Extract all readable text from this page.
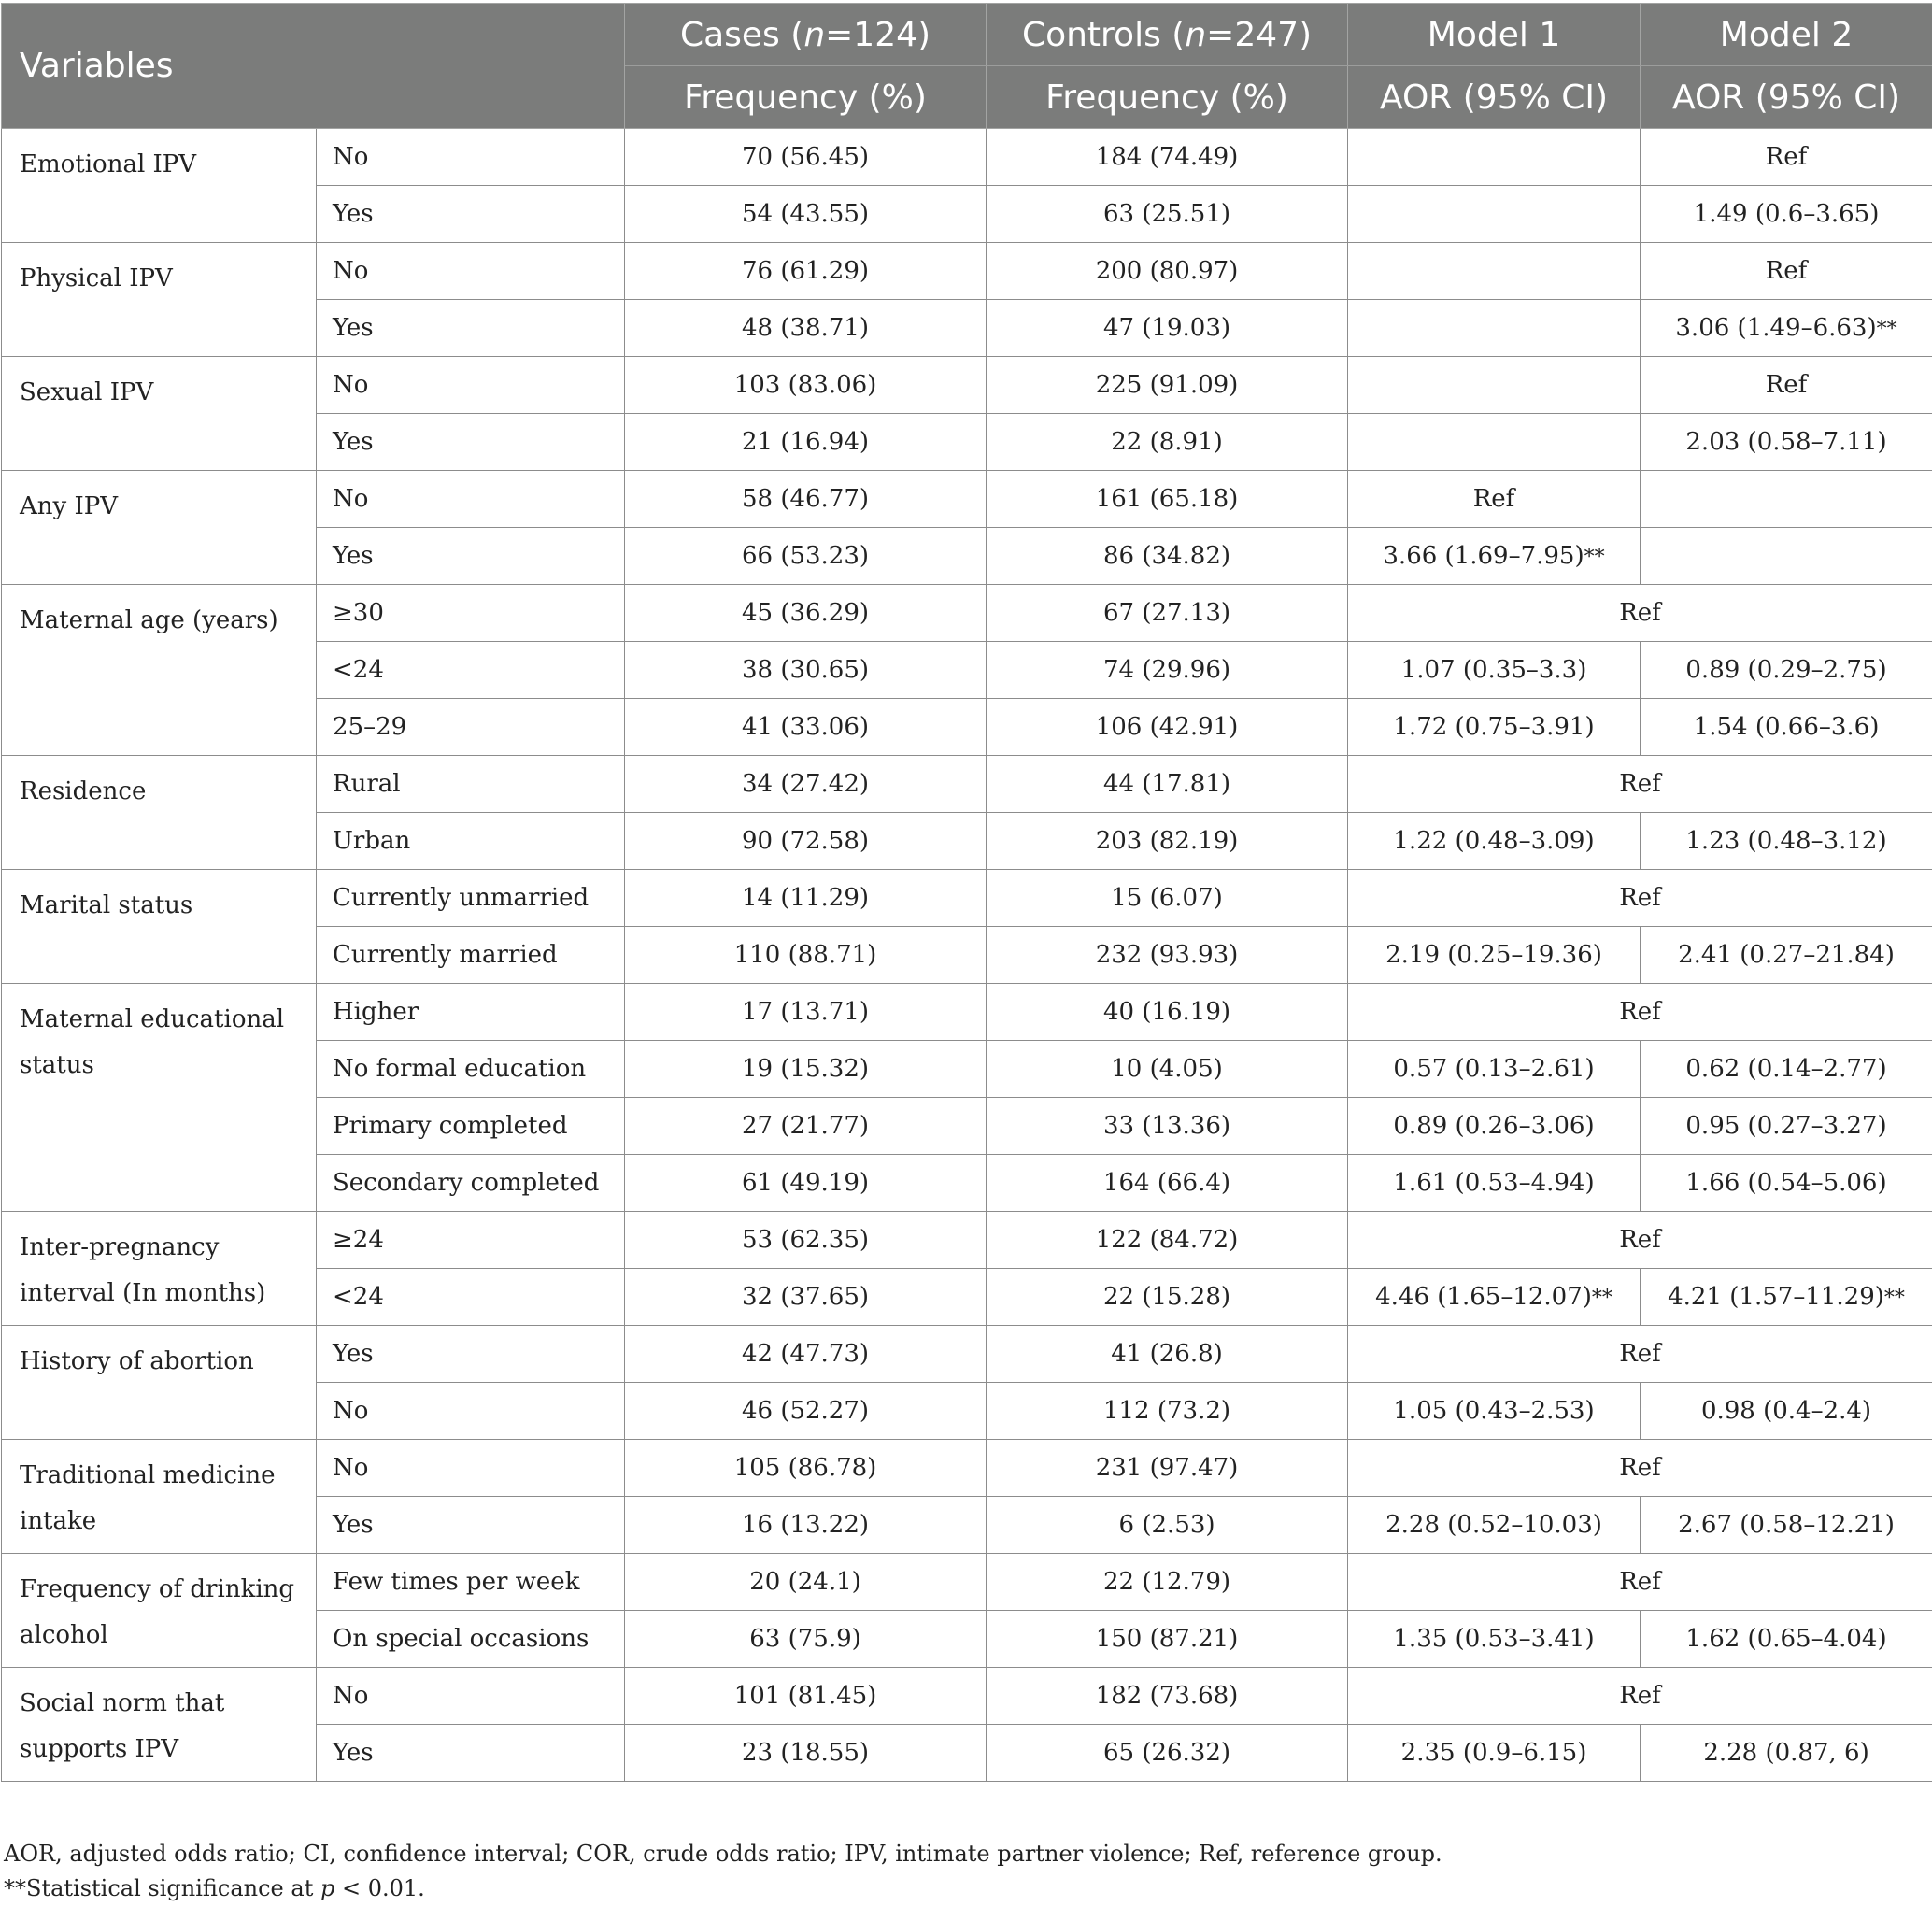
Variables		Cases (n=124)	Controls (n=247)	Model 1	Model 2
		Frequency (%)	Frequency (%)	AOR (95% CI)	AOR (95% CI)
Emotional IPV	No	70 (56.45)	184 (74.49)		Ref
	Yes	54 (43.55)	63 (25.51)		1.49 (0.6–3.65)
Physical IPV	No	76 (61.29)	200 (80.97)		Ref
	Yes	48 (38.71)	47 (19.03)		3.06 (1.49–6.63)**
Sexual IPV	No	103 (83.06)	225 (91.09)		Ref
	Yes	21 (16.94)	22 (8.91)		2.03 (0.58–7.11)
Any IPV	No	58 (46.77)	161 (65.18)	Ref	
	Yes	66 (53.23)	86 (34.82)	3.66 (1.69–7.95)**	
Maternal age (years)	≥30	45 (36.29)	67 (27.13)	Ref	
	<24	38 (30.65)	74 (29.96)	1.07 (0.35–3.3)	0.89 (0.29–2.75)
	25–29	41 (33.06)	106 (42.91)	1.72 (0.75–3.91)	1.54 (0.66–3.6)
Residence	Rural	34 (27.42)	44 (17.81)	Ref	
	Urban	90 (72.58)	203 (82.19)	1.22 (0.48–3.09)	1.23 (0.48–3.12)
Marital status	Currently unmarried	14 (11.29)	15 (6.07)	Ref	
	Currently married	110 (88.71)	232 (93.93)	2.19 (0.25–19.36)	2.41 (0.27–21.84)
Maternal educational status	Higher	17 (13.71)	40 (16.19)	Ref	
	No formal education	19 (15.32)	10 (4.05)	0.57 (0.13–2.61)	0.62 (0.14–2.77)
	Primary completed	27 (21.77)	33 (13.36)	0.89 (0.26–3.06)	0.95 (0.27–3.27)
	Secondary completed	61 (49.19)	164 (66.4)	1.61 (0.53–4.94)	1.66 (0.54–5.06)
Inter-pregnancy interval (In months)	≥24	53 (62.35)	122 (84.72)	Ref	
	<24	32 (37.65)	22 (15.28)	4.46 (1.65–12.07)**	4.21 (1.57–11.29)**
History of abortion	Yes	42 (47.73)	41 (26.8)	Ref	
	No	46 (52.27)	112 (73.2)	1.05 (0.43–2.53)	0.98 (0.4–2.4)
Traditional medicine intake	No	105 (86.78)	231 (97.47)	Ref	
	Yes	16 (13.22)	6 (2.53)	2.28 (0.52–10.03)	2.67 (0.58–12.21)
Frequency of drinking alcohol	Few times per week	20 (24.1)	22 (12.79)	Ref	
	On special occasions	63 (75.9)	150 (87.21)	1.35 (0.53–3.41)	1.62 (0.65–4.04)
Social norm that supports IPV	No	101 (81.45)	182 (73.68)	Ref	
	Yes	23 (18.55)	65 (26.32)	2.35 (0.9–6.15)	2.28 (0.87, 6)

AOR, adjusted odds ratio; CI, confidence interval; COR, crude odds ratio; IPV, intimate partner violence; Ref, reference group.

**Statistical significance at p < 0.01.
